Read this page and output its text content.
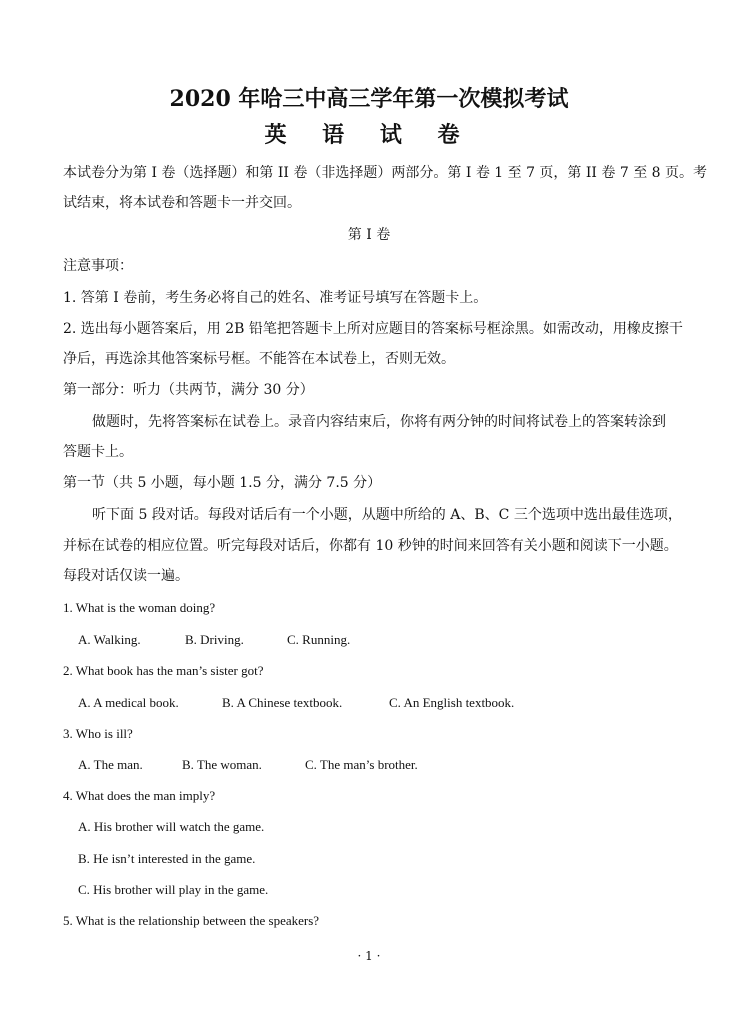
2020 年哈三中高三学年第一次模拟考试
英 语 试 卷
本试卷分为第 I 卷（选择题）和第 II 卷（非选择题）两部分。第 I 卷 1 至 7 页，第 II 卷 7 至 8 页。考
试结束，将本试卷和答题卡一并交回。
第 I 卷
注意事项：
1. 答第 I 卷前，考生务必将自己的姓名、准考证号填写在答题卡上。
2. 选出每小题答案后，用 2B 铅笔把答题卡上所对应题目的答案标号框涂黑。如需改动，用橡皮擦干
净后，再选涂其他答案标号框。不能答在本试卷上，否则无效。
第一部分：听力（共两节，满分 30 分）
做题时，先将答案标在试卷上。录音内容结束后，你将有两分钟的时间将试卷上的答案转涂到
答题卡上。
第一节（共 5 小题，每小题 1.5 分，满分 7.5 分）
听下面 5 段对话。每段对话后有一个小题，从题中所给的 A、B、C 三个选项中选出最佳选项，
并标在试卷的相应位置。听完每段对话后，你都有 10 秒钟的时间来回答有关小题和阅读下一小题。
每段对话仅读一遍。
1. What is the woman doing?
A. Walking.	B. Driving.	C. Running.
2. What book has the man’s sister got?
A. A medical book.	B. A Chinese textbook.	C. An English textbook.
3. Who is ill?
A. The man.	B. The woman.	C. The man’s brother.
4. What does the man imply?
A. His brother will watch the game.
B. He isn’t interested in the game.
C. His brother will play in the game.
5. What is the relationship between the speakers?
· 1 ·
